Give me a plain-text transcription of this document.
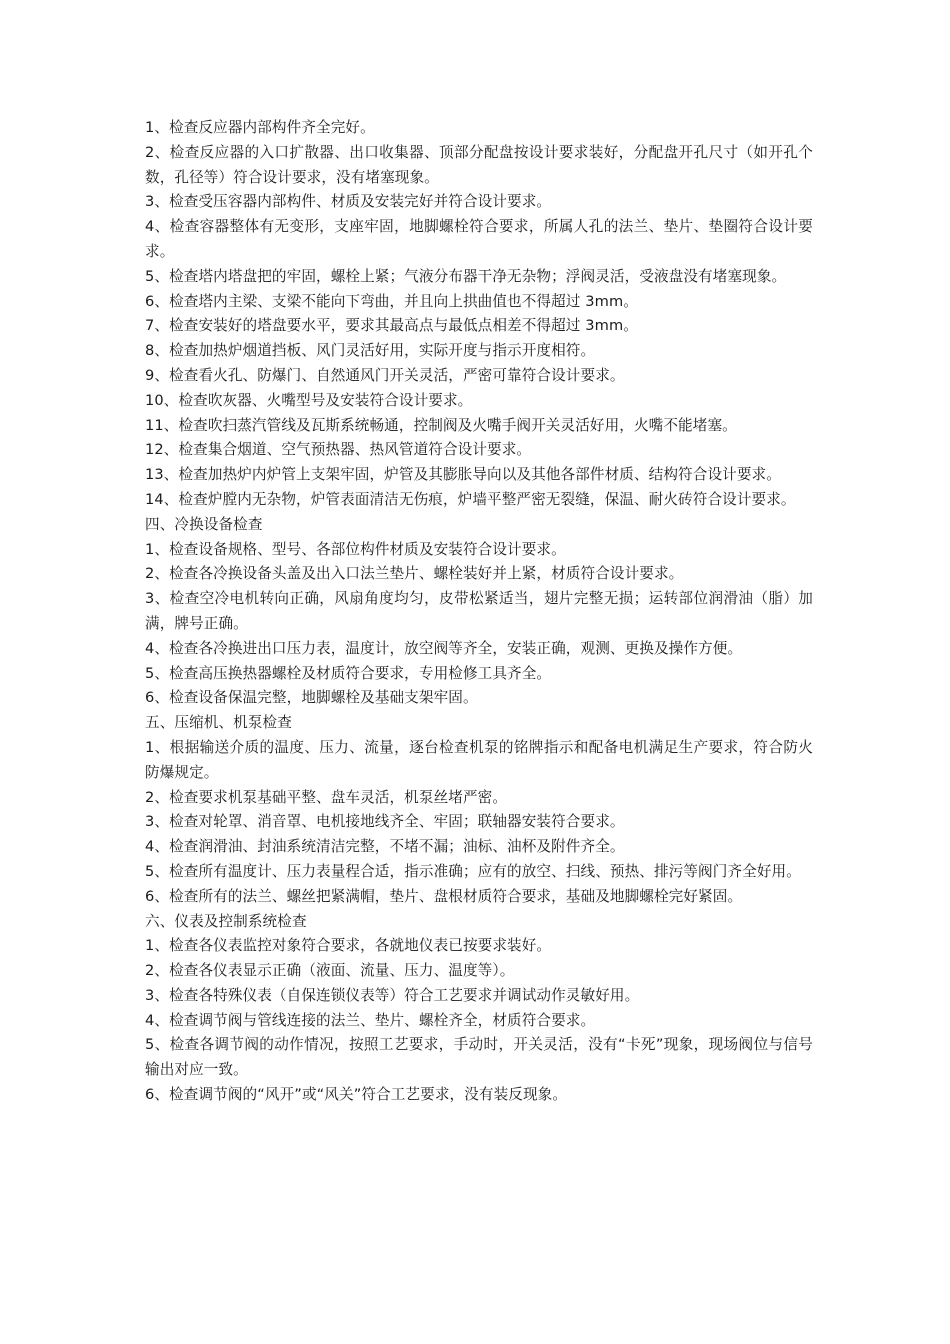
1、检查反应器内部构件齐全完好。

2、检查反应器的入口扩散器、出口收集器、顶部分配盘按设计要求装好，分配盘开孔尺寸（如开孔个数，孔径等）符合设计要求，没有堵塞现象。

3、检查受压容器内部构件、材质及安装完好并符合设计要求。

4、检查容器整体有无变形，支座牢固，地脚螺栓符合要求，所属人孔的法兰、垫片、垫圈符合设计要求。

5、检查塔内塔盘把的牢固，螺栓上紧；气液分布器干净无杂物；浮阀灵活，受液盘没有堵塞现象。

6、检查塔内主梁、支梁不能向下弯曲，并且向上拱曲值也不得超过 3mm。

7、检查安装好的塔盘要水平，要求其最高点与最低点相差不得超过 3mm。

8、检查加热炉烟道挡板、风门灵活好用，实际开度与指示开度相符。

9、检查看火孔、防爆门、自然通风门开关灵活，严密可靠符合设计要求。

10、检查吹灰器、火嘴型号及安装符合设计要求。

11、检查吹扫蒸汽管线及瓦斯系统畅通，控制阀及火嘴手阀开关灵活好用，火嘴不能堵塞。

12、检查集合烟道、空气预热器、热风管道符合设计要求。

13、检查加热炉内炉管上支架牢固，炉管及其膨胀导向以及其他各部件材质、结构符合设计要求。

14、检查炉膛内无杂物，炉管表面清洁无伤痕，炉墙平整严密无裂缝，保温、耐火砖符合设计要求。

四、冷换设备检查

1、检查设备规格、型号、各部位构件材质及安装符合设计要求。

2、检查各冷换设备头盖及出入口法兰垫片、螺栓装好并上紧，材质符合设计要求。

3、检查空冷电机转向正确，风扇角度均匀，皮带松紧适当，翅片完整无损；运转部位润滑油（脂）加满，牌号正确。

4、检查各冷换进出口压力表，温度计，放空阀等齐全，安装正确，观测、更换及操作方便。

5、检查高压换热器螺栓及材质符合要求，专用检修工具齐全。

6、检查设备保温完整，地脚螺栓及基础支架牢固。

五、压缩机、机泵检查

1、根据输送介质的温度、压力、流量，逐台检查机泵的铭牌指示和配备电机满足生产要求，符合防火防爆规定。

2、检查要求机泵基础平整、盘车灵活，机泵丝堵严密。

3、检查对轮罩、消音罩、电机接地线齐全、牢固；联轴器安装符合要求。

4、检查润滑油、封油系统清洁完整，不堵不漏；油标、油杯及附件齐全。

5、检查所有温度计、压力表量程合适，指示准确；应有的放空、扫线、预热、排污等阀门齐全好用。

6、检查所有的法兰、螺丝把紧满帽，垫片、盘根材质符合要求，基础及地脚螺栓完好紧固。

六、仪表及控制系统检查

1、检查各仪表监控对象符合要求，各就地仪表已按要求装好。

2、检查各仪表显示正确（液面、流量、压力、温度等）。

3、检查各特殊仪表（自保连锁仪表等）符合工艺要求并调试动作灵敏好用。

4、检查调节阀与管线连接的法兰、垫片、螺栓齐全，材质符合要求。

5、检查各调节阀的动作情况，按照工艺要求，手动时，开关灵活，没有“卡死”现象，现场阀位与信号输出对应一致。

6、检查调节阀的“风开”或“风关”符合工艺要求，没有装反现象。
